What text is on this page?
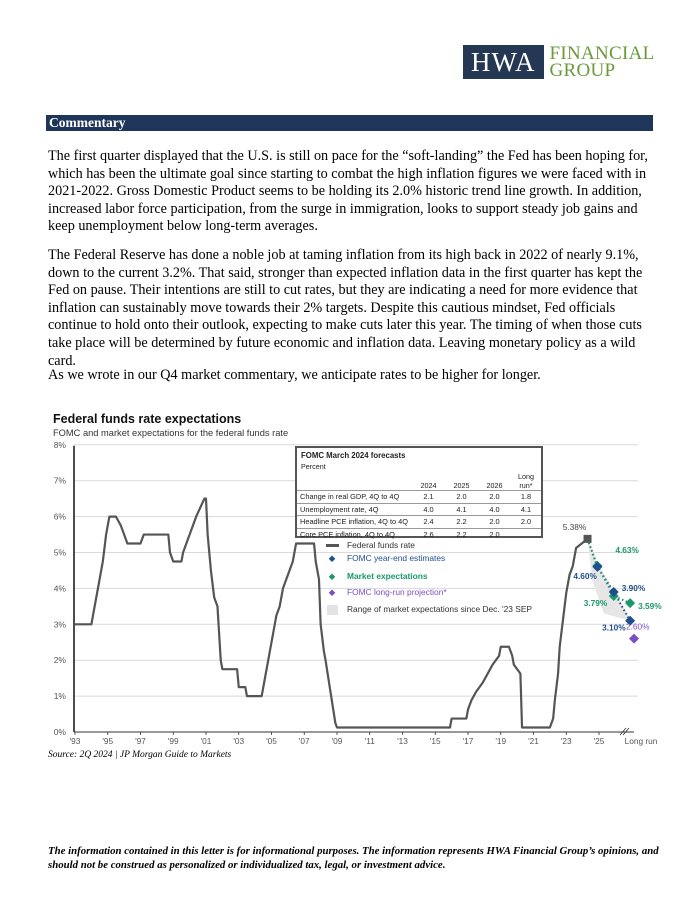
HWA FINANCIAL
GROUP
Commentary

The first quarter displayed that the U.S. is still on pace for the “soft-landing” the Fed has been hoping for, which has been the ultimate goal since starting to combat the high inflation figures we were faced with in 2021-2022. Gross Domestic Product seems to be holding its 2.0% historic trend line growth. In addition, increased labor force participation, from the surge in immigration, looks to support steady job gains and keep unemployment below long-term averages.

The Federal Reserve has done a noble job at taming inflation from its high back in 2022 of nearly 9.1%, down to the current 3.2%. That said, stronger than expected inflation data in the first quarter has kept the Fed on pause. Their intentions are still to cut rates, but they are indicating a need for more evidence that inflation can sustainably move towards their 2% targets. Despite this cautious mindset, Fed officials continue to hold onto their outlook, expecting to make cuts later this year. The timing of when those cuts take place will be determined by future economic and inflation data. Leaving monetary policy as a wild card.

As we wrote in our Q4 market commentary, we anticipate rates to be higher for longer.

Federal funds rate expectations
FOMC and market expectations for the federal funds rate
0%
1%
2%
3%
4%
5%
6%
7%
8%
'93	'95	'97	'99	'01	'03	'05	'07	'09	'11	'13	'15	'17	'19	'21	'23	'25 Long run
5.38%
4.63%
3.79%	3.59%
4.60%
3.90%
3.10% 2.60%
FOMC March 2024 forecasts
Percent
	2024	2025	2026	Long run*
Change in real GDP, 4Q to 4Q	2.1	2.0	2.0	1.8
Unemployment rate, 4Q	4.0	4.1	4.0	4.1
Headline PCE inflation, 4Q to 4Q	2.4	2.2	2.0	2.0
Core PCE inflation, 4Q to 4Q	2.6	2.2	2.0	
Federal funds rate
◆	FOMC year-end estimates
◆	Market expectations
◆	FOMC long-run projection*
Range of market expectations since Dec. '23 SEP
Source: 2Q 2024 | JP Morgan Guide to Markets

The information contained in this letter is for informational purposes. The information represents HWA Financial Group’s opinions, and should not be construed as personalized or individualized tax, legal, or investment advice.
